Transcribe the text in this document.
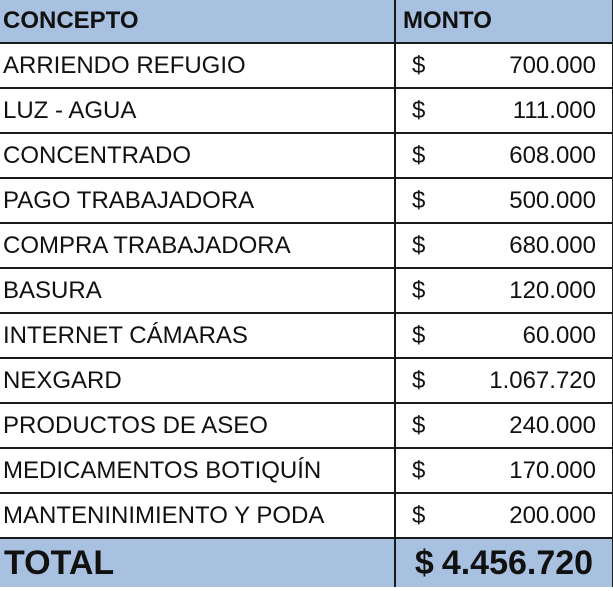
CONCEPTO	MONTO
ARRIENDO REFUGIO	$ 700.000

LUZ - AGUA	$ 111.000

CONCENTRADO	$ 608.000

PAGO TRABAJADORA	$ 500.000

COMPRA TRABAJADORA	$ 680.000

BASURA	$ 120.000

INTERNET CÁMARAS	$ 60.000

NEXGARD	$ 1.067.720

PRODUCTOS DE ASEO	$ 240.000

MEDICAMENTOS BOTIQUÍN	$ 170.000

MANTENINIMIENTO Y PODA	$ 200.000

TOTAL	$ 4.456.720
